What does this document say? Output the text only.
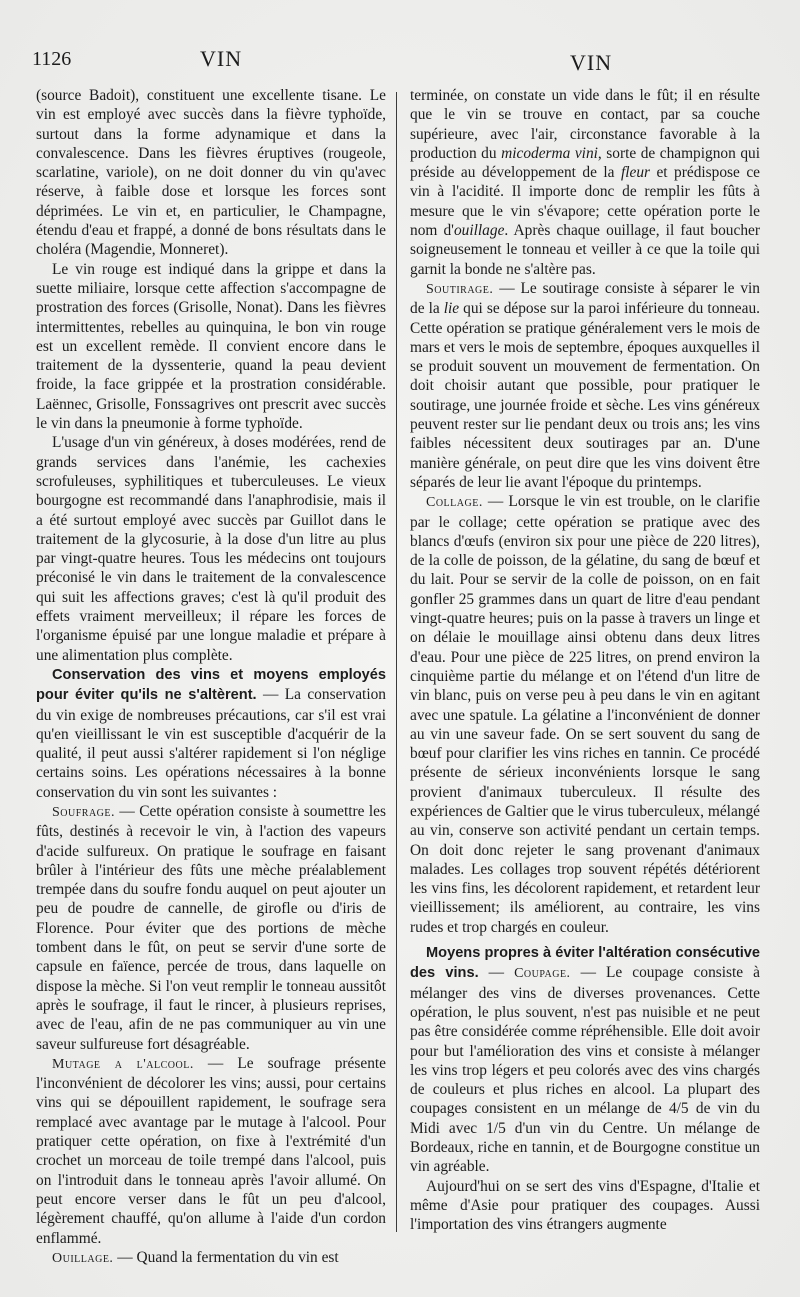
1126	VIN	VIN

(source Badoit), constituent une excellente tisane. Le vin est employé avec succès dans la fièvre typhoïde, surtout dans la forme adynamique et dans la convalescence. Dans les fièvres éruptives (rougeole, scarlatine, variole), on ne doit donner du vin qu'avec réserve, à faible dose et lorsque les forces sont déprimées. Le vin et, en particulier, le Champagne, étendu d'eau et frappé, a donné de bons résultats dans le choléra (Magendie, Monneret).

Le vin rouge est indiqué dans la grippe et dans la suette miliaire, lorsque cette affection s'accompagne de prostration des forces (Grisolle, Nonat). Dans les fièvres intermittentes, rebelles au quinquina, le bon vin rouge est un excellent remède. Il convient encore dans le traitement de la dyssenterie, quand la peau devient froide, la face grippée et la prostration considérable. Laënnec, Grisolle, Fonssagrives ont prescrit avec succès le vin dans la pneumonie à forme typhoïde.

L'usage d'un vin généreux, à doses modérées, rend de grands services dans l'anémie, les cachexies scrofuleuses, syphilitiques et tuberculeuses. Le vieux bourgogne est recommandé dans l'anaphrodisie, mais il a été surtout employé avec succès par Guillot dans le traitement de la glycosurie, à la dose d'un litre au plus par vingt-quatre heures. Tous les médecins ont toujours préconisé le vin dans le traitement de la convalescence qui suit les affections graves; c'est là qu'il produit des effets vraiment merveilleux; il répare les forces de l'organisme épuisé par une longue maladie et prépare à une alimentation plus complète.

Conservation des vins et moyens employés pour éviter qu'ils ne s'altèrent. — La conservation du vin exige de nombreuses précautions, car s'il est vrai qu'en vieillissant le vin est susceptible d'acquérir de la qualité, il peut aussi s'altérer rapidement si l'on néglige certains soins. Les opérations nécessaires à la bonne conservation du vin sont les suivantes :

Soufrage. — Cette opération consiste à soumettre les fûts, destinés à recevoir le vin, à l'action des vapeurs d'acide sulfureux. On pratique le soufrage en faisant brûler à l'intérieur des fûts une mèche préalablement trempée dans du soufre fondu auquel on peut ajouter un peu de poudre de cannelle, de girofle ou d'iris de Florence. Pour éviter que des portions de mèche tombent dans le fût, on peut se servir d'une sorte de capsule en faïence, percée de trous, dans laquelle on dispose la mèche. Si l'on veut remplir le tonneau aussitôt après le soufrage, il faut le rincer, à plusieurs reprises, avec de l'eau, afin de ne pas communiquer au vin une saveur sulfureuse fort désagréable.

Mutage a l'alcool. — Le soufrage présente l'inconvénient de décolorer les vins; aussi, pour certains vins qui se dépouillent rapidement, le soufrage sera remplacé avec avantage par le mutage à l'alcool. Pour pratiquer cette opération, on fixe à l'extrémité d'un crochet un morceau de toile trempé dans l'alcool, puis on l'introduit dans le tonneau après l'avoir allumé. On peut encore verser dans le fût un peu d'alcool, légèrement chauffé, qu'on allume à l'aide d'un cordon enflammé.

Ouillage. — Quand la fermentation du vin est

terminée, on constate un vide dans le fût; il en résulte que le vin se trouve en contact, par sa couche supérieure, avec l'air, circonstance favorable à la production du micoderma vini, sorte de champignon qui préside au développement de la fleur et prédispose ce vin à l'acidité. Il importe donc de remplir les fûts à mesure que le vin s'évapore; cette opération porte le nom d'ouillage. Après chaque ouillage, il faut boucher soigneusement le tonneau et veiller à ce que la toile qui garnit la bonde ne s'altère pas.

Soutirage. — Le soutirage consiste à séparer le vin de la lie qui se dépose sur la paroi inférieure du tonneau. Cette opération se pratique généralement vers le mois de mars et vers le mois de septembre, époques auxquelles il se produit souvent un mouvement de fermentation. On doit choisir autant que possible, pour pratiquer le soutirage, une journée froide et sèche. Les vins généreux peuvent rester sur lie pendant deux ou trois ans; les vins faibles nécessitent deux soutirages par an. D'une manière générale, on peut dire que les vins doivent être séparés de leur lie avant l'époque du printemps.

Collage. — Lorsque le vin est trouble, on le clarifie par le collage; cette opération se pratique avec des blancs d'œufs (environ six pour une pièce de 220 litres), de la colle de poisson, de la gélatine, du sang de bœuf et du lait. Pour se servir de la colle de poisson, on en fait gonfler 25 grammes dans un quart de litre d'eau pendant vingt-quatre heures; puis on la passe à travers un linge et on délaie le mouillage ainsi obtenu dans deux litres d'eau. Pour une pièce de 225 litres, on prend environ la cinquième partie du mélange et on l'étend d'un litre de vin blanc, puis on verse peu à peu dans le vin en agitant avec une spatule. La gélatine a l'inconvénient de donner au vin une saveur fade. On se sert souvent du sang de bœuf pour clarifier les vins riches en tannin. Ce procédé présente de sérieux inconvénients lorsque le sang provient d'animaux tuberculeux. Il résulte des expériences de Galtier que le virus tuberculeux, mélangé au vin, conserve son activité pendant un certain temps. On doit donc rejeter le sang provenant d'animaux malades. Les collages trop souvent répétés détériorent les vins fins, les décolorent rapidement, et retardent leur vieillissement; ils améliorent, au contraire, les vins rudes et trop chargés en couleur.

Moyens propres à éviter l'altération consécutive des vins. — Coupage. — Le coupage consiste à mélanger des vins de diverses provenances. Cette opération, le plus souvent, n'est pas nuisible et ne peut pas être considérée comme répréhensible. Elle doit avoir pour but l'amélioration des vins et consiste à mélanger les vins trop légers et peu colorés avec des vins chargés de couleurs et plus riches en alcool. La plupart des coupages consistent en un mélange de 4/5 de vin du Midi avec 1/5 d'un vin du Centre. Un mélange de Bordeaux, riche en tannin, et de Bourgogne constitue un vin agréable.

Aujourd'hui on se sert des vins d'Espagne, d'Italie et même d'Asie pour pratiquer des coupages. Aussi l'importation des vins étrangers augmente
